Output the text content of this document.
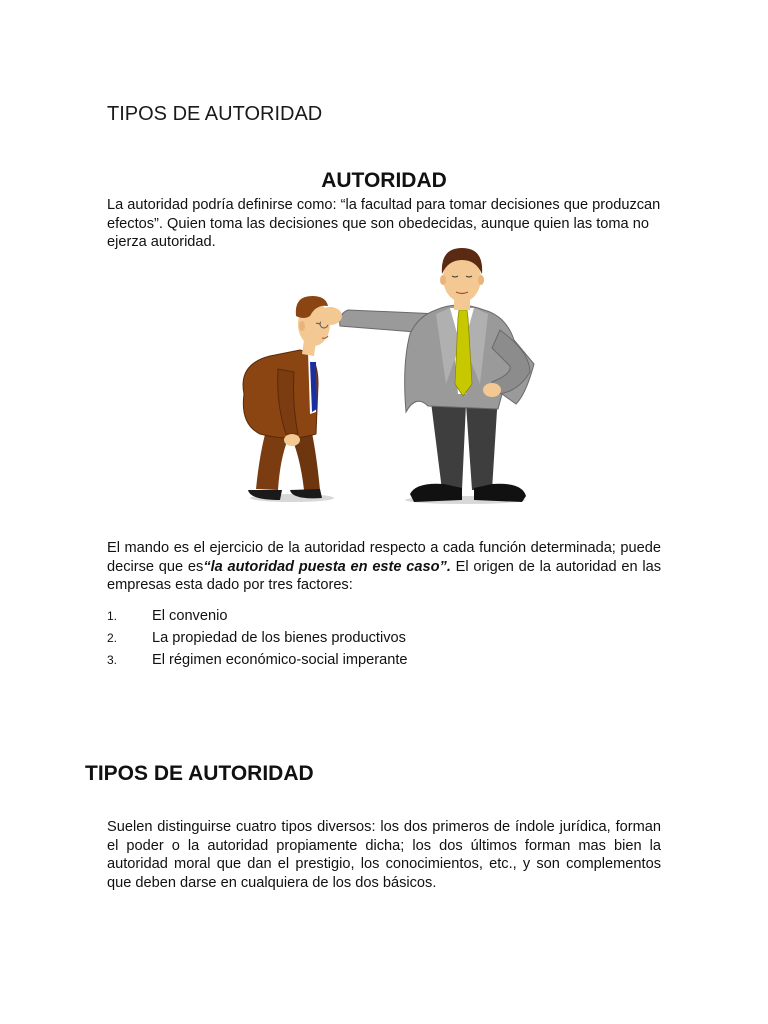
TIPOS DE AUTORIDAD
AUTORIDAD

La autoridad podría definirse como: “la facultad para tomar decisiones que produzcan efectos”. Quien toma las decisiones que son obedecidas, aunque quien las toma no ejerza autoridad.

El mando es el ejercicio de la autoridad respecto a cada función determinada; puede decirse que es“la autoridad puesta en este caso”. El origen de la autoridad en las empresas esta dado por tres factores:

1.	El convenio
2.	La propiedad de los bienes productivos
3.	El régimen económico-social imperante
TIPOS DE AUTORIDAD

Suelen distinguirse cuatro tipos diversos: los dos primeros de índole jurídica, forman el poder o la autoridad propiamente dicha; los dos últimos forman mas bien la autoridad moral que dan el prestigio, los conocimientos, etc., y son complementos que deben darse en cualquiera de los dos básicos.
